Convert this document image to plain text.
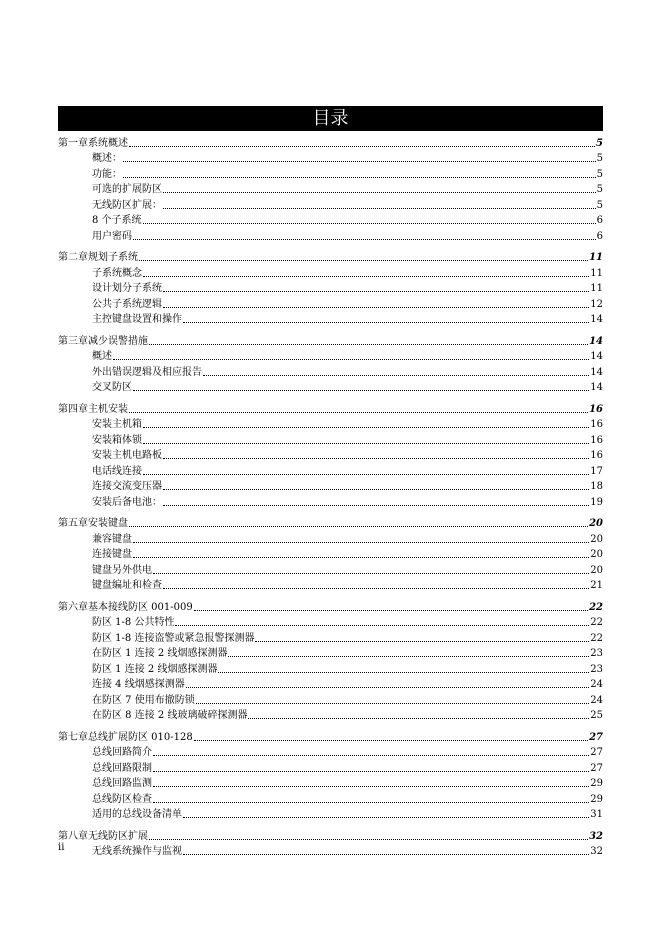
目录
第一章系统概述	5
概述：	5
功能：	5
可选的扩展防区	5
无线防区扩展：	5
8 个子系统	6
用户密码	6
第二章规划子系统	11
子系统概念	11
设计划分子系统	11
公共子系统逻辑	12
主控键盘设置和操作	14
第三章减少误警措施	14
概述	14
外出错误逻辑及相应报告	14
交叉防区	14
第四章主机安装	16
安装主机箱	16
安装箱体锁	16
安装主机电路板	16
电话线连接	17
连接交流变压器	18
安装后备电池：	19
第五章安装键盘	20
兼容键盘	20
连接键盘	20
键盘另外供电	20
键盘编址和检查	21
第六章基本接线防区 001-009	22
防区 1-8 公共特性	22
防区 1-8 连接盗警或紧急报警探测器	22
在防区 1 连接 2 线烟感探测器	23
防区 1 连接 2 线烟感探测器	23
连接 4 线烟感探测器	24
在防区 7 使用布撤防锁	24
在防区 8 连接 2 线玻璃破碎探测器	25
第七章总线扩展防区 010-128	27
总线回路简介	27
总线回路限制	27
总线回路监测	29
总线防区检查	29
适用的总线设备清单	31
第八章无线防区扩展	32
无线系统操作与监视	32
ii
